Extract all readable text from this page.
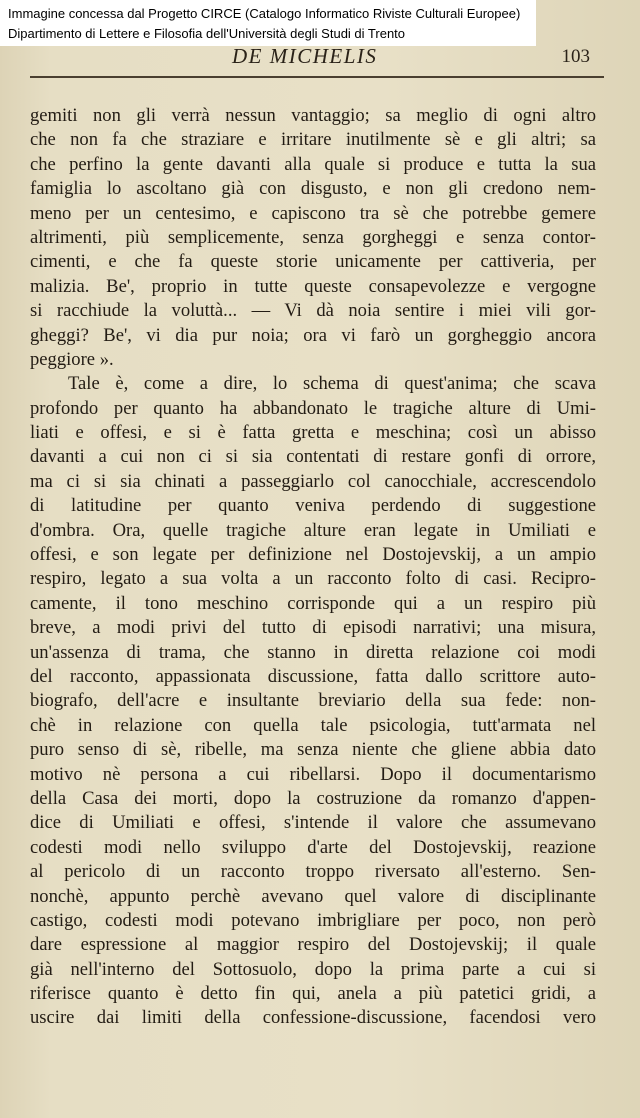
Immagine concessa dal Progetto CIRCE (Catalogo Informatico Riviste Culturali Europee)
Dipartimento di Lettere e Filosofia dell'Università degli Studi di Trento
DE MICHELIS	103
gemiti non gli verrà nessun vantaggio; sa meglio di ogni altro
che non fa che straziare e irritare inutilmente sè e gli altri; sa
che perfino la gente davanti alla quale si produce e tutta la sua
famiglia lo ascoltano già con disgusto, e non gli credono nem-
meno per un centesimo, e capiscono tra sè che potrebbe gemere
altrimenti, più semplicemente, senza gorgheggi e senza contor-
cimenti, e che fa queste storie unicamente per cattiveria, per
malizia. Be', proprio in tutte queste consapevolezze e vergogne
si racchiude la voluttà... — Vi dà noia sentire i miei vili gor-
gheggi? Be', vi dia pur noia; ora vi farò un gorgheggio ancora
peggiore ».
Tale è, come a dire, lo schema di quest'anima; che scava
profondo per quanto ha abbandonato le tragiche alture di Umi-
liati e offesi, e si è fatta gretta e meschina; così un abisso
davanti a cui non ci si sia contentati di restare gonfi di orrore,
ma ci si sia chinati a passeggiarlo col canocchiale, accrescendolo
di latitudine per quanto veniva perdendo di suggestione
d'ombra. Ora, quelle tragiche alture eran legate in Umiliati e
offesi, e son legate per definizione nel Dostojevskij, a un ampio
respiro, legato a sua volta a un racconto folto di casi. Recipro-
camente, il tono meschino corrisponde qui a un respiro più
breve, a modi privi del tutto di episodi narrativi; una misura,
un'assenza di trama, che stanno in diretta relazione coi modi
del racconto, appassionata discussione, fatta dallo scrittore auto-
biografo, dell'acre e insultante breviario della sua fede: non-
chè in relazione con quella tale psicologia, tutt'armata nel
puro senso di sè, ribelle, ma senza niente che gliene abbia dato
motivo nè persona a cui ribellarsi. Dopo il documentarismo
della Casa dei morti, dopo la costruzione da romanzo d'appen-
dice di Umiliati e offesi, s'intende il valore che assumevano
codesti modi nello sviluppo d'arte del Dostojevskij, reazione
al pericolo di un racconto troppo riversato all'esterno. Sen-
nonchè, appunto perchè avevano quel valore di disciplinante
castigo, codesti modi potevano imbrigliare per poco, non però
dare espressione al maggior respiro del Dostojevskij; il quale
già nell'interno del Sottosuolo, dopo la prima parte a cui si
riferisce quanto è detto fin qui, anela a più patetici gridi, a
uscire dai limiti della confessione-discussione, facendosi vero
